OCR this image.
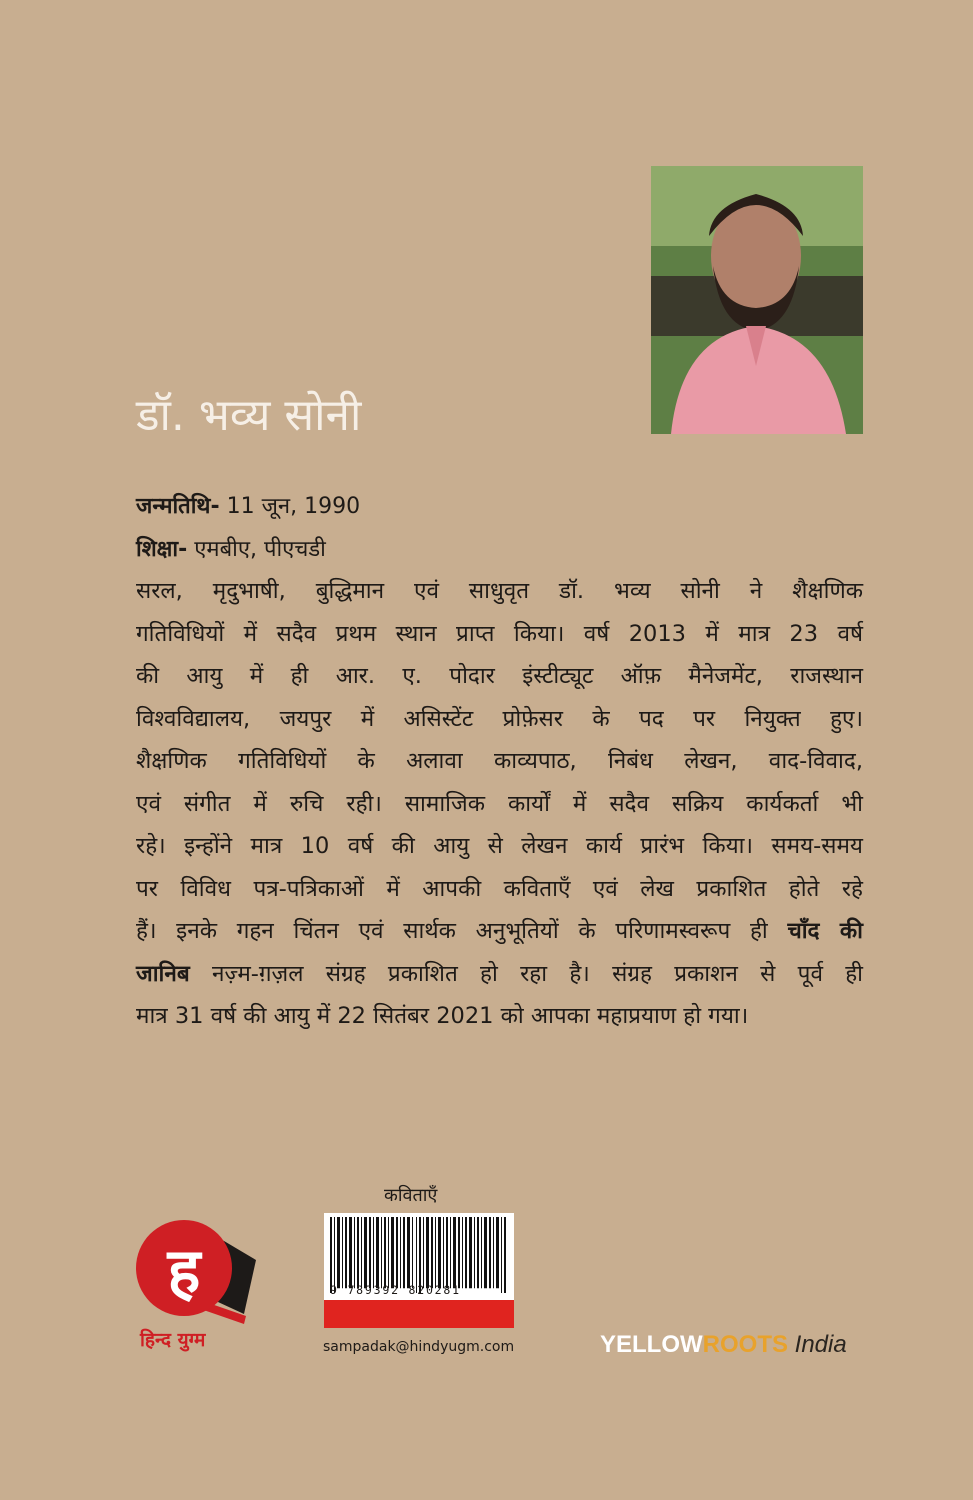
डॉ. भव्य सोनी
जन्मतिथि- 11 जून, 1990
शिक्षा- एमबीए, पीएचडी

सरल, मृदुभाषी, बुद्धिमान एवं साधुवृत डॉ. भव्य सोनी ने शैक्षणिक
गतिविधियों में सदैव प्रथम स्थान प्राप्त किया। वर्ष 2013 में मात्र 23 वर्ष
की आयु में ही आर. ए. पोदार इंस्टीट्यूट ऑफ़ मैनेजमेंट, राजस्थान
विश्वविद्यालय, जयपुर में असिस्टेंट प्रोफ़ेसर के पद पर नियुक्त हुए।
शैक्षणिक गतिविधियों के अलावा काव्यपाठ, निबंध लेखन, वाद-विवाद,
एवं संगीत में रुचि रही। सामाजिक कार्यों में सदैव सक्रिय कार्यकर्ता भी
रहे। इन्होंने मात्र 10 वर्ष की आयु से लेखन कार्य प्रारंभ किया। समय-समय
पर विविध पत्र-पत्रिकाओं में आपकी कविताएँ एवं लेख प्रकाशित होते रहे
हैं। इनके गहन चिंतन एवं सार्थक अनुभूतियों के परिणामस्वरूप ही चाँद की
जानिब नज़्म-ग़ज़ल संग्रह प्रकाशित हो रहा है। संग्रह प्रकाशन से पूर्व ही
मात्र 31 वर्ष की आयु में 22 सितंबर 2021 को आपका महाप्रयाण हो गया।

ह
हिन्द युग्म
कविताएँ
9 789392 820281
sampadak@hindyugm.com	YELLOWROOTS India
